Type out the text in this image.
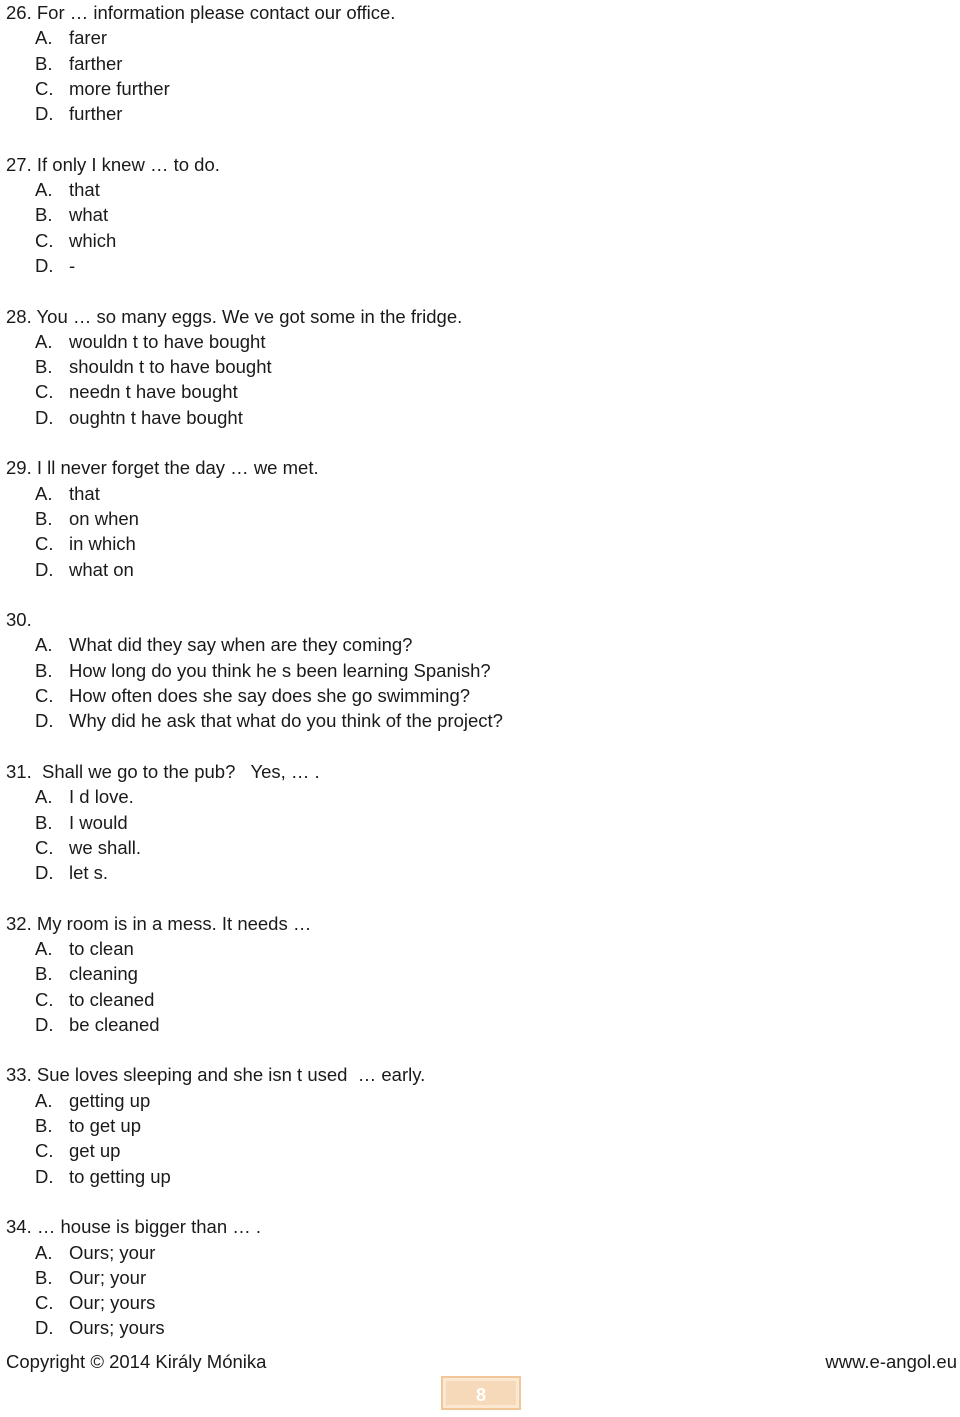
26. For … information please contact our office.
A. farer
B. farther
C. more further
D. further
27. If only I knew … to do.
A. that
B. what
C. which
D. -
28. You … so many eggs. We ve got some in the fridge.
A. wouldn t to have bought
B. shouldn t to have bought
C. needn t have bought
D. oughtn t have bought
29. I ll never forget the day … we met.
A. that
B. on when
C. in which
D. what on
30.
A. What did they say when are they coming?
B. How long do you think he s been learning Spanish?
C. How often does she say does she go swimming?
D. Why did he ask that what do you think of the project?
31.  Shall we go to the pub?   Yes, … .
A. I d love.
B. I would
C. we shall.
D. let s.
32. My room is in a mess. It needs …
A. to clean
B. cleaning
C. to cleaned
D. be cleaned
33. Sue loves sleeping and she isn t used  … early.
A. getting up
B. to get up
C. get up
D. to getting up
34. … house is bigger than … .
A. Ours; your
B. Our; your
C. Our; yours
D. Ours; yours
Copyright © 2014 Király Mónika	www.e-angol.eu
8
